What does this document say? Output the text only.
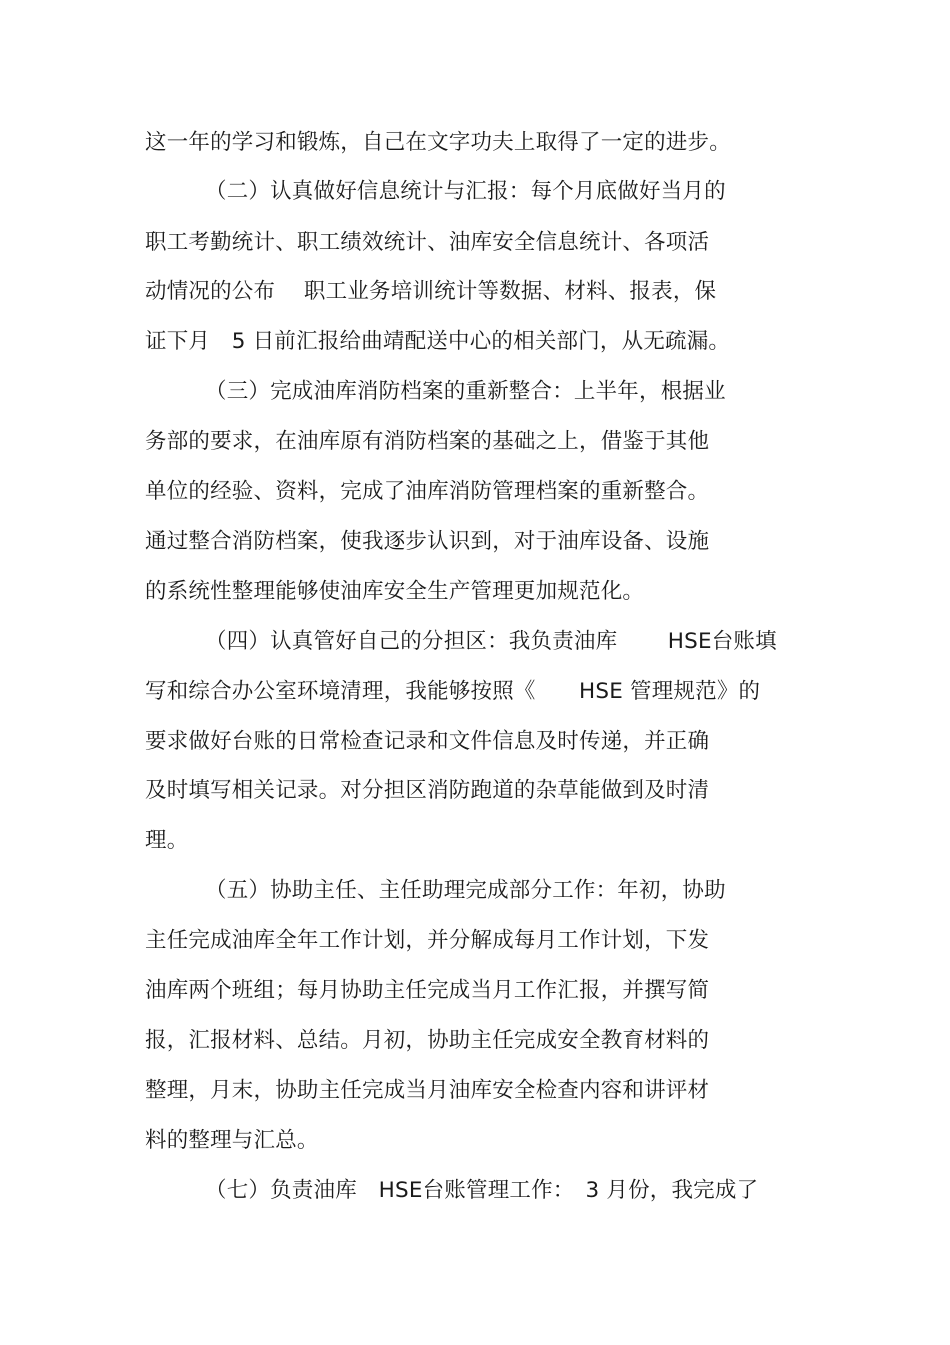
这一年的学习和锻炼，自己在文字功夫上取得了一定的进步。
（二）认真做好信息统计与汇报：每个月底做好当月的
职工考勤统计、职工绩效统计、油库安全信息统计、各项活
动情况的公布　 职工业务培训统计等数据、材料、报表，保
证下月　5 日前汇报给曲靖配送中心的相关部门，从无疏漏。
（三）完成油库消防档案的重新整合：上半年，根据业
务部的要求，在油库原有消防档案的基础之上，借鉴于其他
单位的经验、资料，完成了油库消防管理档案的重新整合。
通过整合消防档案，使我逐步认识到，对于油库设备、设施
的系统性整理能够使油库安全生产管理更加规范化。
（四）认真管好自己的分担区：我负责油库　　 HSE台账填
写和综合办公室环境清理，我能够按照《　　HSE 管理规范》的
要求做好台账的日常检查记录和文件信息及时传递，并正确
及时填写相关记录。对分担区消防跑道的杂草能做到及时清
理。
（五）协助主任、主任助理完成部分工作：年初，协助
主任完成油库全年工作计划，并分解成每月工作计划，下发
油库两个班组；每月协助主任完成当月工作汇报，并撰写简
报，汇报材料、总结。月初，协助主任完成安全教育材料的
整理，月末，协助主任完成当月油库安全检查内容和讲评材
料的整理与汇总。
（七）负责油库　HSE台账管理工作：　3 月份，我完成了
